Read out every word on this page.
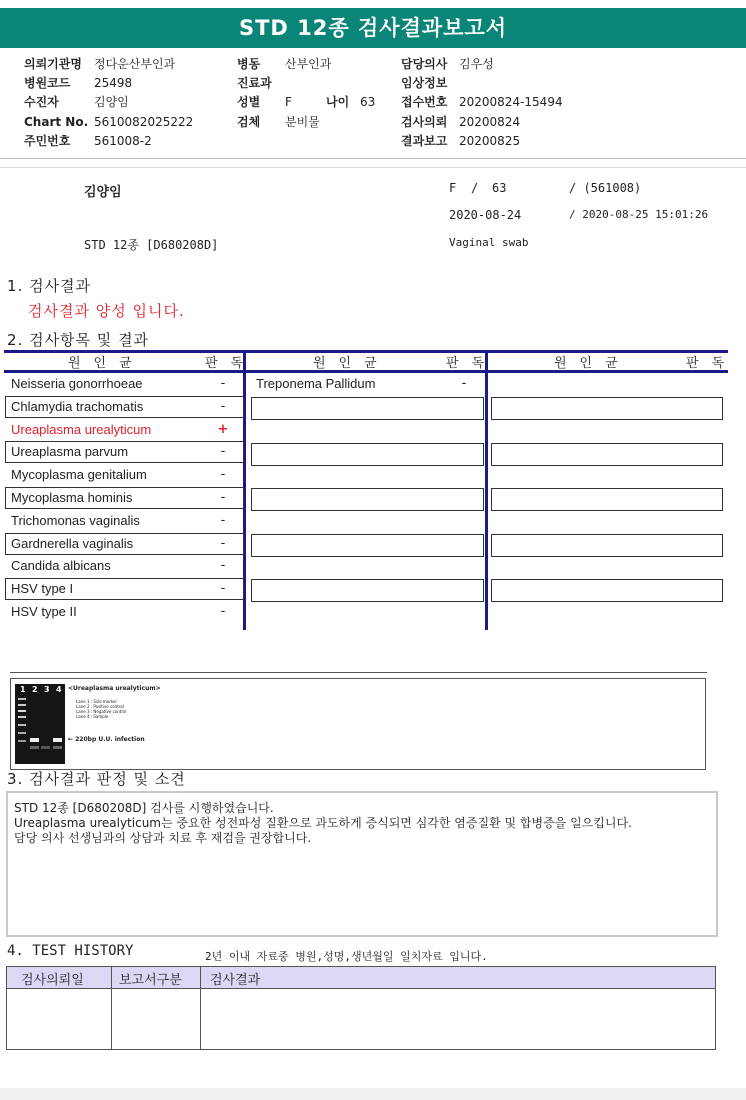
STD 12종 검사결과보고서
의뢰기관명 정다운산부인과
병원코드 25498
수진자	김양임
Chart No. 5610082025222
주민번호 561008-2
병동 산부인과
진료과
성별 F
검체 분비물
담당의사 김우성
임상정보
접수번호 20200824-15494
검사의뢰 20200824
결과보고 20200825
나이 63
김양임	F / 63	/ (561008)
2020-08-24	/ 2020-08-25 15:01:26
STD 12종 [D680208D]	Vaginal swab
1. 검사결과
검사결과 양성 입니다.
2. 검사항목 및 결과
원인균	판독	원인균	판독	원인균	판독
Neisseria gonorrhoeae	-
Chlamydia trachomatis	-
Ureaplasma urealyticum	+
Ureaplasma parvum	-
Mycoplasma genitalium	-
Mycoplasma hominis	-
Trichomonas vaginalis	-
Gardnerella vaginalis	-
Candida albicans	-
HSV type I	-
HSV type II	-
Treponema Pallidum	-
1 2 3 4 <Ureaplasma urealyticum>
Lane 1 : Size marker
Lane 2 : Positive control
Lane 3 : Negative control
Lane 4 : Sample
← 220bp U.U. infection
3. 검사결과 판정 및 소견
STD 12종 [D680208D] 검사를 시행하였습니다.
Ureaplasma urealyticum는 중요한 성전파성 질환으로 과도하게 증식되면 심각한 염증질환 및 합병증을 일으킵니다.
담당 의사 선생님과의 상담과 치료 후 재검을 권장합니다.
4. TEST HISTORY	2년 이내 자료중 병원,성명,생년월일 일치자료 입니다.
검사의뢰일	보고서구분 검사결과
